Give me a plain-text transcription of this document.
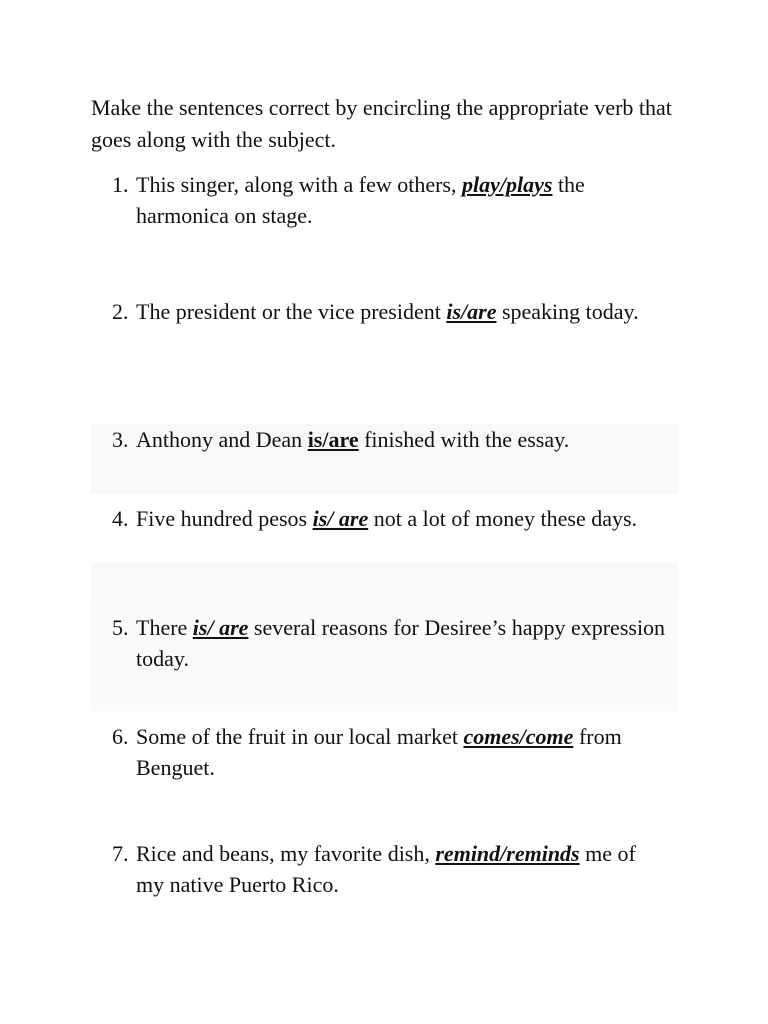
Make the sentences correct by encircling the appropriate verb that goes along with the subject.

1. This singer, along with a few others, play/plays the harmonica on stage.
2. The president or the vice president is/are speaking today.
3. Anthony and Dean is/are finished with the essay.
4. Five hundred pesos is/ are not a lot of money these days.
5. There is/ are several reasons for Desiree’s happy expression today.
6. Some of the fruit in our local market comes/come from Benguet.
7. Rice and beans, my favorite dish, remind/reminds me of my native Puerto Rico.
